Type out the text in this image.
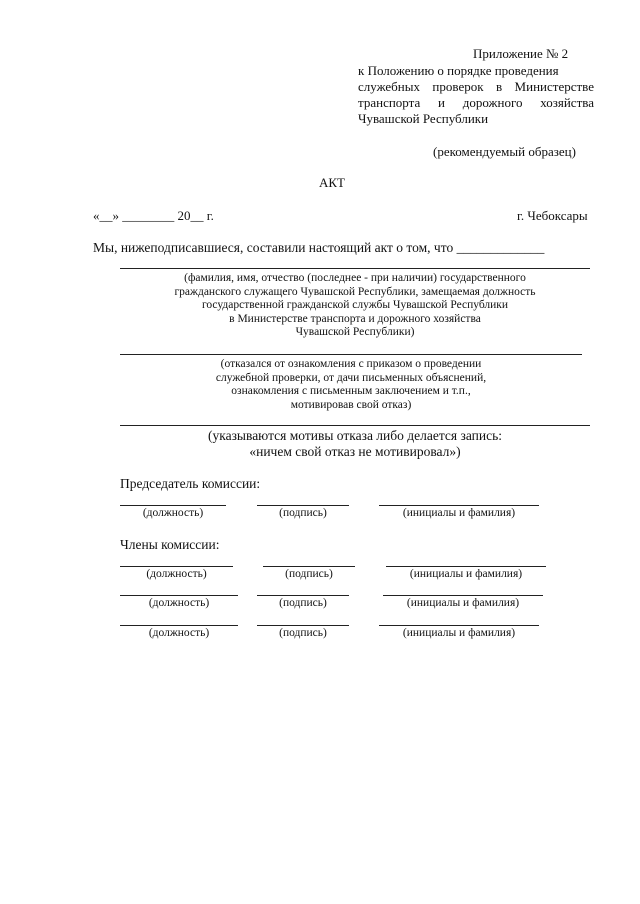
Приложение № 2
к Положению о порядке проведения
служебных проверок в Министерстве
транспорта и дорожного хозяйства
Чувашской Республики
(рекомендуемый образец)
АКТ
«__» ________ 20__ г.	г. Чебоксары
Мы, нижеподписавшиеся, составили настоящий акт о том, что _____________
(фамилия, имя, отчество (последнее - при наличии) государственного
гражданского служащего Чувашской Республики, замещаемая должность
государственной гражданской службы Чувашской Республики
в Министерстве транспорта и дорожного хозяйства
Чувашской Республики)
(отказался от ознакомления с приказом о проведении
служебной проверки, от дачи письменных объяснений,
ознакомления с письменным заключением и т.п.,
мотивировав свой отказ)
(указываются мотивы отказа либо делается запись:
«ничем свой отказ не мотивировал»)
Председатель комиссии:
(должность)	(подпись)	(инициалы и фамилия)
Члены комиссии:
(должность)	(подпись)	(инициалы и фамилия)
(должность)	(подпись)	(инициалы и фамилия)
(должность)	(подпись)	(инициалы и фамилия)
